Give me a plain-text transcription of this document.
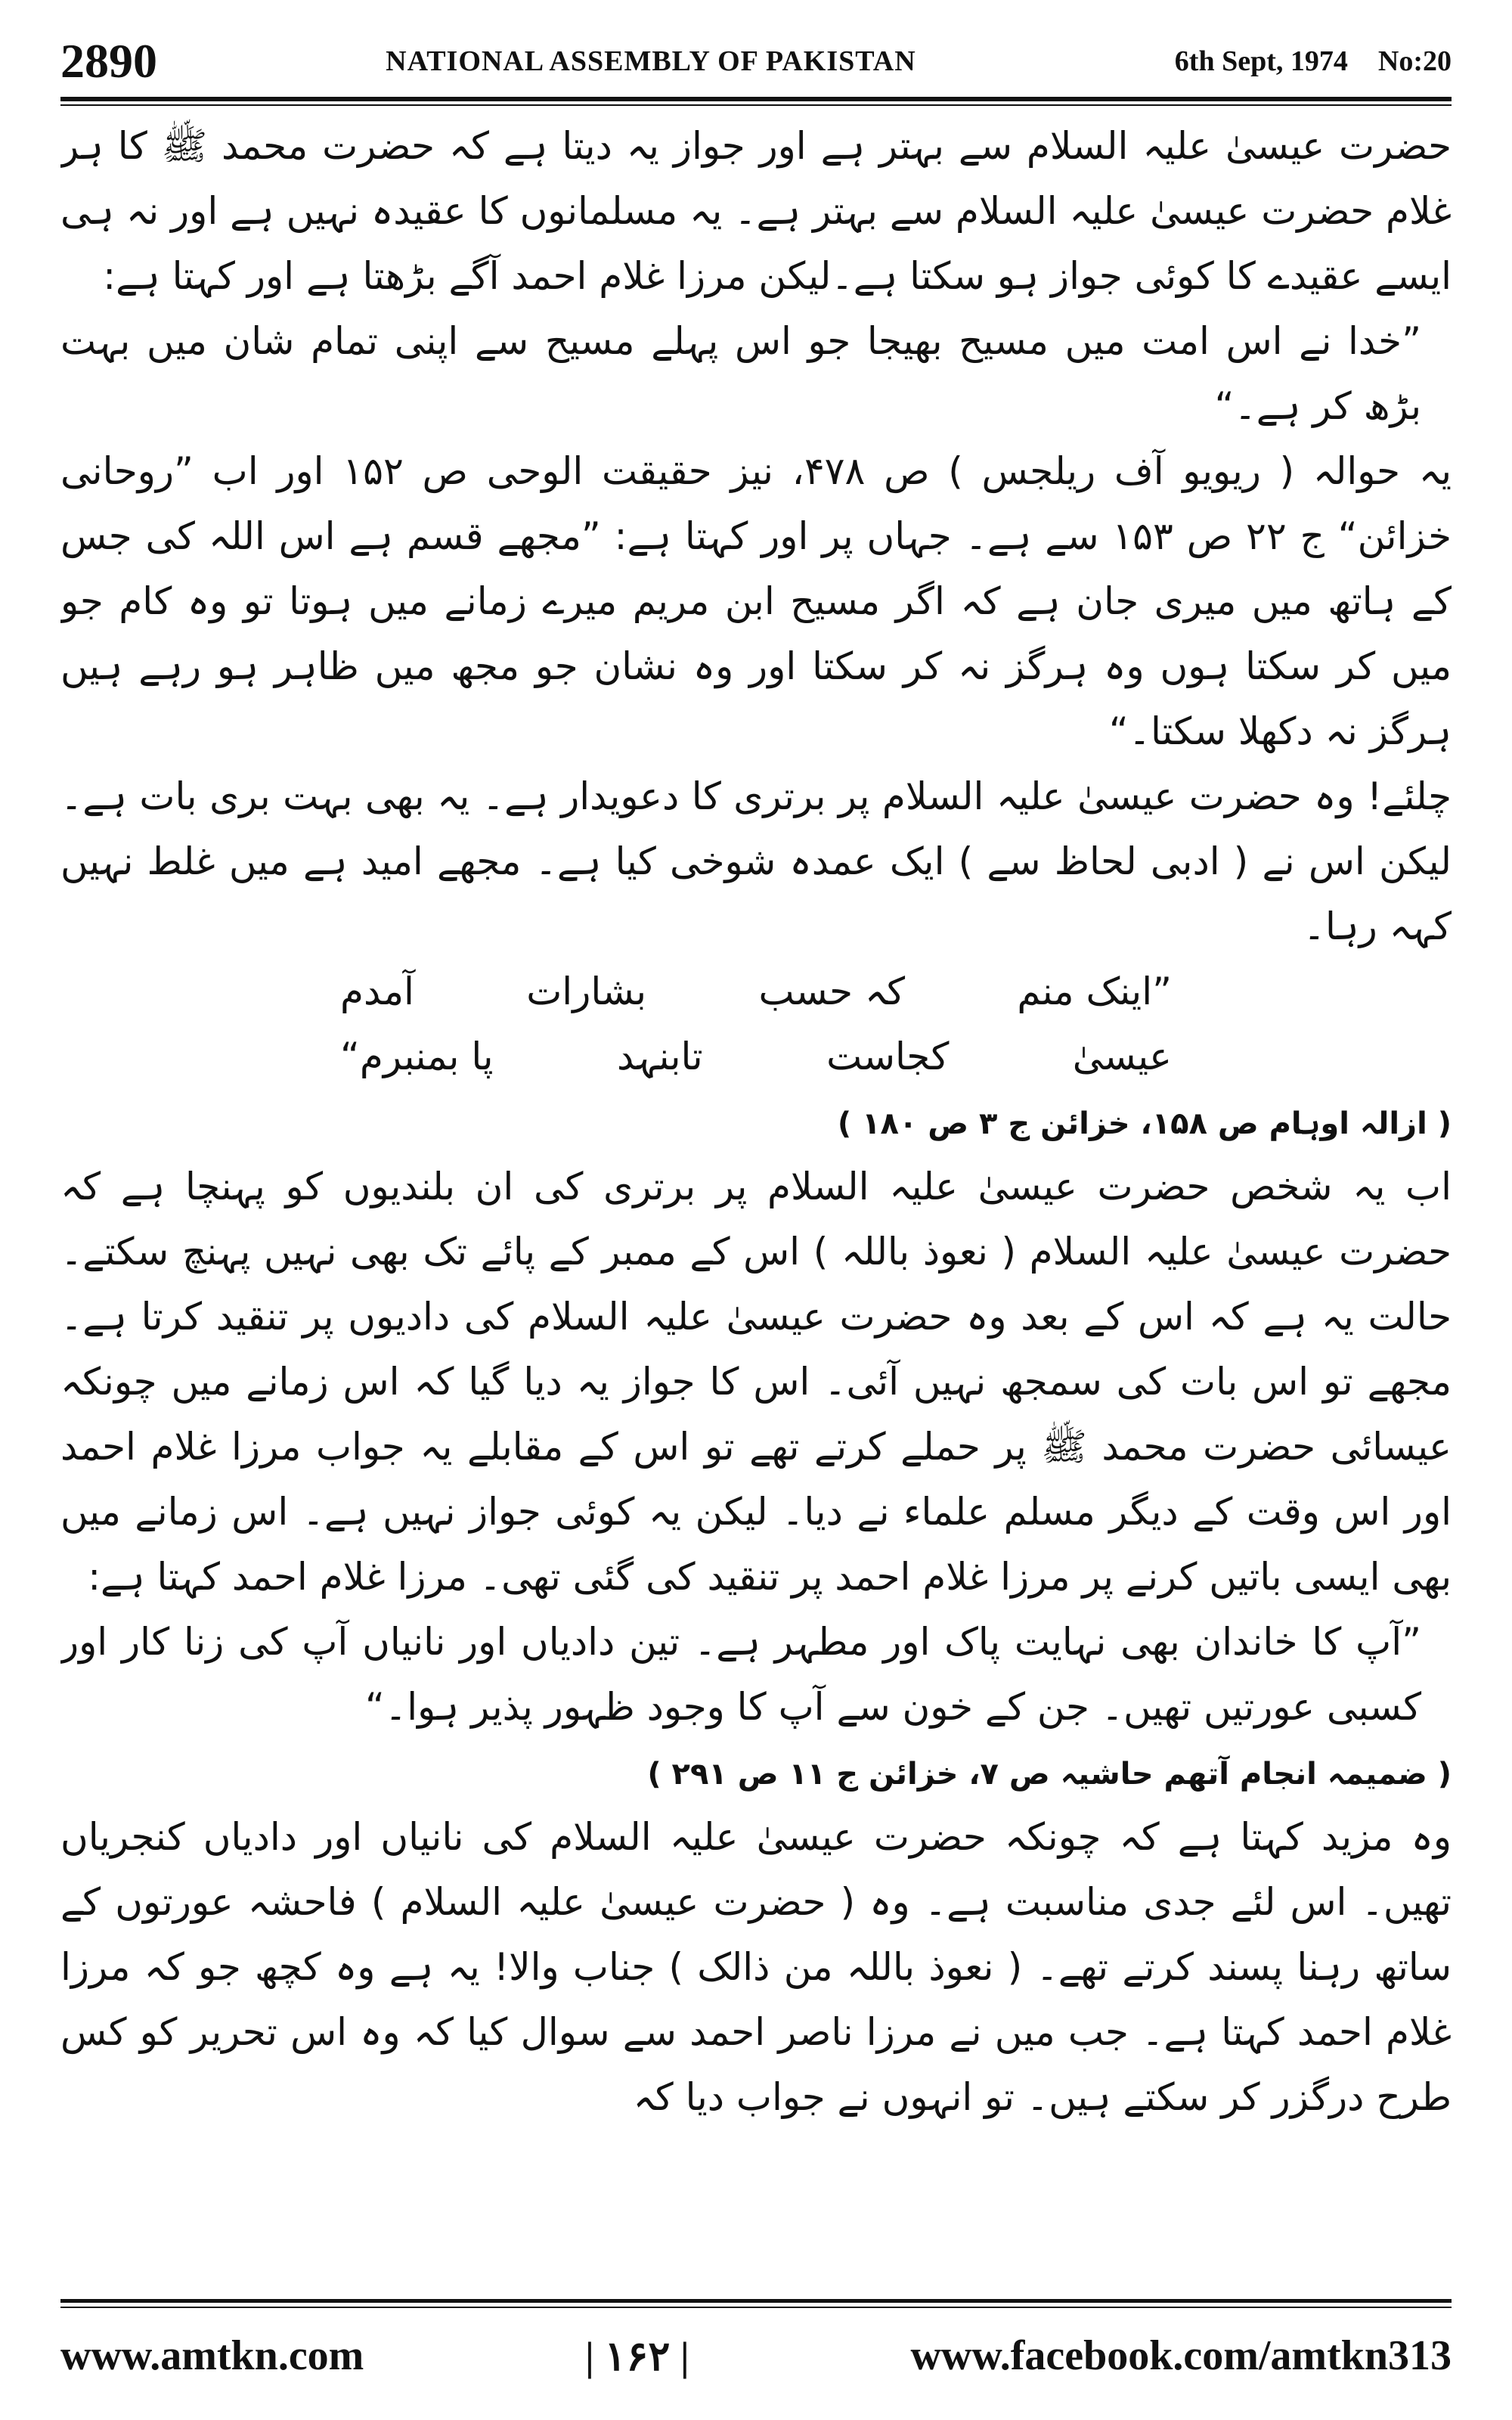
2890	NATIONAL ASSEMBLY OF PAKISTAN	6th Sept, 1974 No:20

حضرت عیسیٰ علیہ السلام سے بہتر ہے اور جواز یہ دیتا ہے کہ حضرت محمد ﷺ کا ہر غلام حضرت عیسیٰ علیہ السلام سے بہتر ہے۔ یہ مسلمانوں کا عقیدہ نہیں ہے اور نہ ہی ایسے عقیدے کا کوئی جواز ہو سکتا ہے۔لیکن مرزا غلام احمد آگے بڑھتا ہے اور کہتا ہے:

”خدا نے اس امت میں مسیح بھیجا جو اس پہلے مسیح سے اپنی تمام شان میں بہت بڑھ کر ہے۔“

یہ حوالہ ( ریویو آف ریلجس ) ص ۴۷۸، نیز حقیقت الوحی ص ۱۵۲ اور اب ”روحانی خزائن“ ج ۲۲ ص ۱۵۳ سے ہے۔ جہاں پر اور کہتا ہے: ”مجھے قسم ہے اس اللہ کی جس کے ہاتھ میں میری جان ہے کہ اگر مسیح ابن مریم میرے زمانے میں ہوتا تو وہ کام جو میں کر سکتا ہوں وہ ہرگز نہ کر سکتا اور وہ نشان جو مجھ میں ظاہر ہو رہے ہیں ہرگز نہ دکھلا سکتا۔“

چلئے! وہ حضرت عیسیٰ علیہ السلام پر برتری کا دعویدار ہے۔ یہ بھی بہت بری بات ہے۔ لیکن اس نے ( ادبی لحاظ سے ) ایک عمدہ شوخی کیا ہے۔ مجھے امید ہے میں غلط نہیں کہہ رہا۔

”اینک منم
کہ حسب
بشارات
آمدم
عیسیٰ
کجاست
تابنہد
پا بمنبرم“

( ازالہ اوہام ص ۱۵۸، خزائن ج ۳ ص ۱۸۰ )

اب یہ شخص حضرت عیسیٰ علیہ السلام پر برتری کی ان بلندیوں کو پہنچا ہے کہ حضرت عیسیٰ علیہ السلام ( نعوذ باللہ ) اس کے ممبر کے پائے تک بھی نہیں پہنچ سکتے۔ حالت یہ ہے کہ اس کے بعد وہ حضرت عیسیٰ علیہ السلام کی دادیوں پر تنقید کرتا ہے۔ مجھے تو اس بات کی سمجھ نہیں آئی۔ اس کا جواز یہ دیا گیا کہ اس زمانے میں چونکہ عیسائی حضرت محمد ﷺ پر حملے کرتے تھے تو اس کے مقابلے یہ جواب مرزا غلام احمد اور اس وقت کے دیگر مسلم علماء نے دیا۔ لیکن یہ کوئی جواز نہیں ہے۔ اس زمانے میں بھی ایسی باتیں کرنے پر مرزا غلام احمد پر تنقید کی گئی تھی۔ مرزا غلام احمد کہتا ہے:

”آپ کا خاندان بھی نہایت پاک اور مطہر ہے۔ تین دادیاں اور نانیاں آپ کی زنا کار اور کسبی عورتیں تھیں۔ جن کے خون سے آپ کا وجود ظہور پذیر ہوا۔“

( ضمیمہ انجام آتھم حاشیہ ص ۷، خزائن ج ۱۱ ص ۲۹۱ )

وہ مزید کہتا ہے کہ چونکہ حضرت عیسیٰ علیہ السلام کی نانیاں اور دادیاں کنجریاں تھیں۔ اس لئے جدی مناسبت ہے۔ وہ ( حضرت عیسیٰ علیہ السلام ) فاحشہ عورتوں کے ساتھ رہنا پسند کرتے تھے۔ ( نعوذ باللہ من ذالک ) جناب والا! یہ ہے وہ کچھ جو کہ مرزا غلام احمد کہتا ہے۔ جب میں نے مرزا ناصر احمد سے سوال کیا کہ وہ اس تحریر کو کس طرح درگزر کر سکتے ہیں۔ تو انہوں نے جواب دیا کہ

www.amtkn.com	| ۱۶۲ |	www.facebook.com/amtkn313
